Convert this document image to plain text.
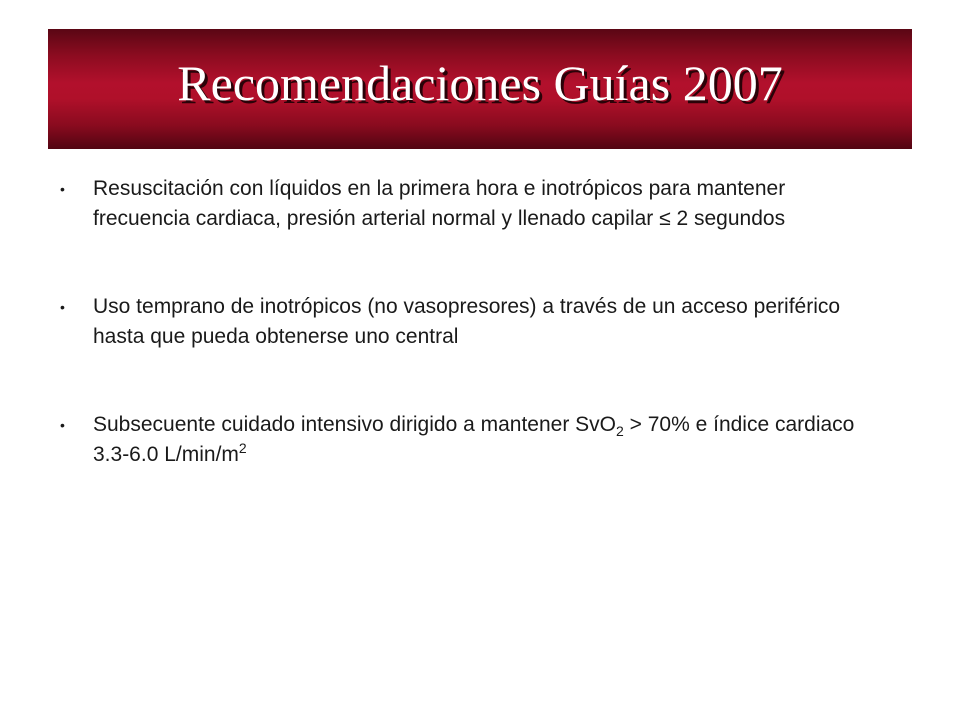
Recomendaciones Guías 2007
• Resuscitación con líquidos en la primera hora e inotrópicos para mantener frecuencia cardiaca, presión arterial normal y llenado capilar ≤ 2 segundos
• Uso temprano de inotrópicos (no vasopresores) a través de un acceso periférico hasta que pueda obtenerse uno central
• Subsecuente cuidado intensivo dirigido a mantener SvO$_2$ > 70% e índice cardiaco 3.3-6.0 $L/\min/m^2$
